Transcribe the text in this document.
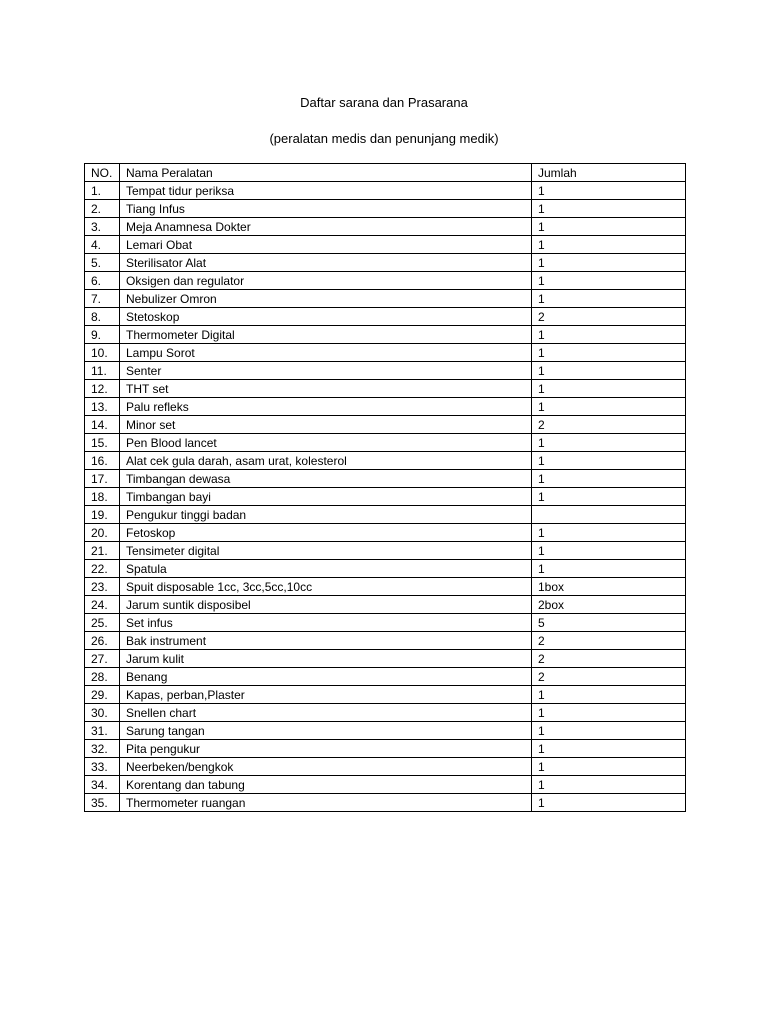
Daftar sarana dan Prasarana
(peralatan medis dan penunjang medik)
NO.	Nama Peralatan	Jumlah
1.	Tempat tidur periksa	1
2.	Tiang Infus	1
3.	Meja Anamnesa Dokter	1
4.	Lemari Obat	1
5.	Sterilisator Alat	1
6.	Oksigen dan regulator	1
7.	Nebulizer Omron	1
8.	Stetoskop	2
9.	Thermometer Digital	1
10.	Lampu Sorot	1
11.	Senter	1
12.	THT set	1
13.	Palu refleks	1
14.	Minor set	2
15.	Pen Blood lancet	1
16.	Alat cek gula darah, asam urat, kolesterol	1
17.	Timbangan dewasa	1
18.	Timbangan bayi	1
19.	Pengukur tinggi badan	
20.	Fetoskop	1
21.	Tensimeter digital	1
22.	Spatula	1
23.	Spuit disposable 1cc, 3cc,5cc,10cc	1box
24.	Jarum suntik disposibel	2box
25.	Set infus	5
26.	Bak instrument	2
27.	Jarum kulit	2
28.	Benang	2
29.	Kapas, perban,Plaster	1
30.	Snellen chart	1
31.	Sarung tangan	1
32.	Pita pengukur	1
33.	Neerbeken/bengkok	1
34.	Korentang dan tabung	1
35.	Thermometer ruangan	1
